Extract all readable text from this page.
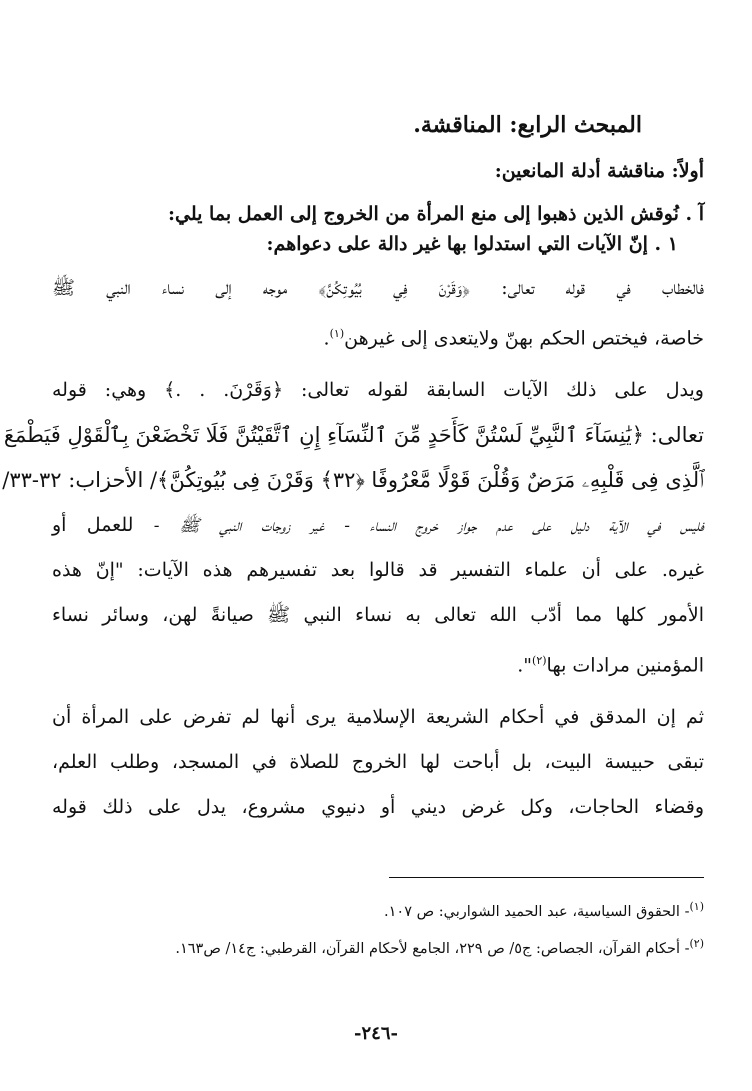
المبحث الرابع: المناقشة.
أولاً: مناقشة أدلة المانعين:
آ . نُوقش الذين ذهبوا إلى منع المرأة من الخروج إلى العمل بما يلي:
١ . إنّ الآيات التي استدلوا بها غير دالة على دعواهم:
فالخطاب في قوله تعالى: ﴿وَقَرْنَ فِي بُيُوتِكُنَّ﴾ موجه إلى نساء النبي ﷺ
خاصة، فيختص الحكم بهنّ ولايتعدى إلى غيرهن$^{(١)}$.
ويدل على ذلك الآيات السابقة لقوله تعالى: ﴿وَقَرْنَ. . .﴾ وهي: قوله
تعالى: ﴿يَٰنِسَآءَ ٱلنَّبِيِّ لَسْتُنَّ كَأَحَدٍ مِّنَ ٱلنِّسَآءِ إِنِ ٱتَّقَيْتُنَّ فَلَا تَخْضَعْنَ بِٱلْقَوْلِ فَيَطْمَعَ
ٱلَّذِى فِى قَلْبِهِۦ مَرَضٌ وَقُلْنَ قَوْلًا مَّعْرُوفًا ﴿٣٢﴾ وَقَرْنَ فِى بُيُوتِكُنَّ﴾/ الأحزاب: ٣٢-٣٣/
فليس في الآية دليل على عدم جواز خروج النساء - غير زوجات النبي ﷺ - للعمل أو
غيره. على أن علماء التفسير قد قالوا بعد تفسيرهم هذه الآيات: "إنّ هذه
الأمور كلها مما أدّب الله تعالى به نساء النبي ﷺ صيانةً لهن، وسائر نساء
المؤمنين مرادات بها$^{(٢)}$".
ثم إن المدقق في أحكام الشريعة الإسلامية يرى أنها لم تفرض على المرأة أن
تبقى حبيسة البيت، بل أباحت لها الخروج للصلاة في المسجد، وطلب العلم،
وقضاء الحاجات، وكل غرض ديني أو دنيوي مشروع، يدل على ذلك قوله
$^{(١)}$- الحقوق السياسية، عبد الحميد الشواربي: ص ١٠٧.
$^{(٢)}$- أحكام القرآن، الجصاص: ج٥/ ص ٢٢٩، الجامع لأحكام القرآن، القرطبي: ج١٤/ ص١٦٣.
-٢٤٦-
